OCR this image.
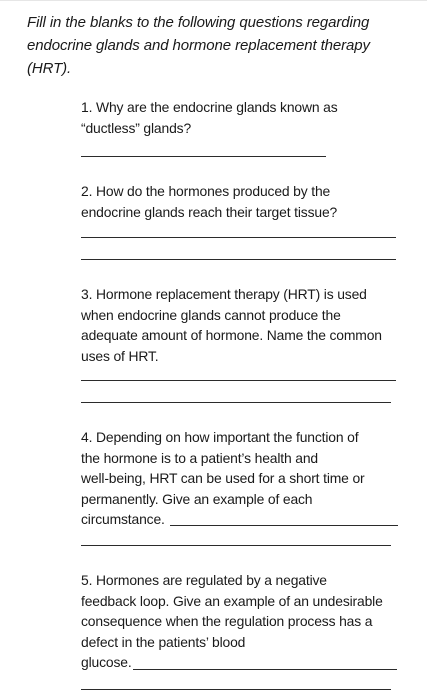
Fill in the blanks to the following questions regarding
endocrine glands and hormone replacement therapy
(HRT).
1. Why are the endocrine glands known as
“ductless” glands?
2. How do the hormones produced by the
endocrine glands reach their target tissue?
3. Hormone replacement therapy (HRT) is used
when endocrine glands cannot produce the
adequate amount of hormone. Name the common
uses of HRT.
4. Depending on how important the function of
the hormone is to a patient’s health and
well-being, HRT can be used for a short time or
permanently. Give an example of each
circumstance.
5. Hormones are regulated by a negative
feedback loop. Give an example of an undesirable
consequence when the regulation process has a
defect in the patients’ blood
glucose.
